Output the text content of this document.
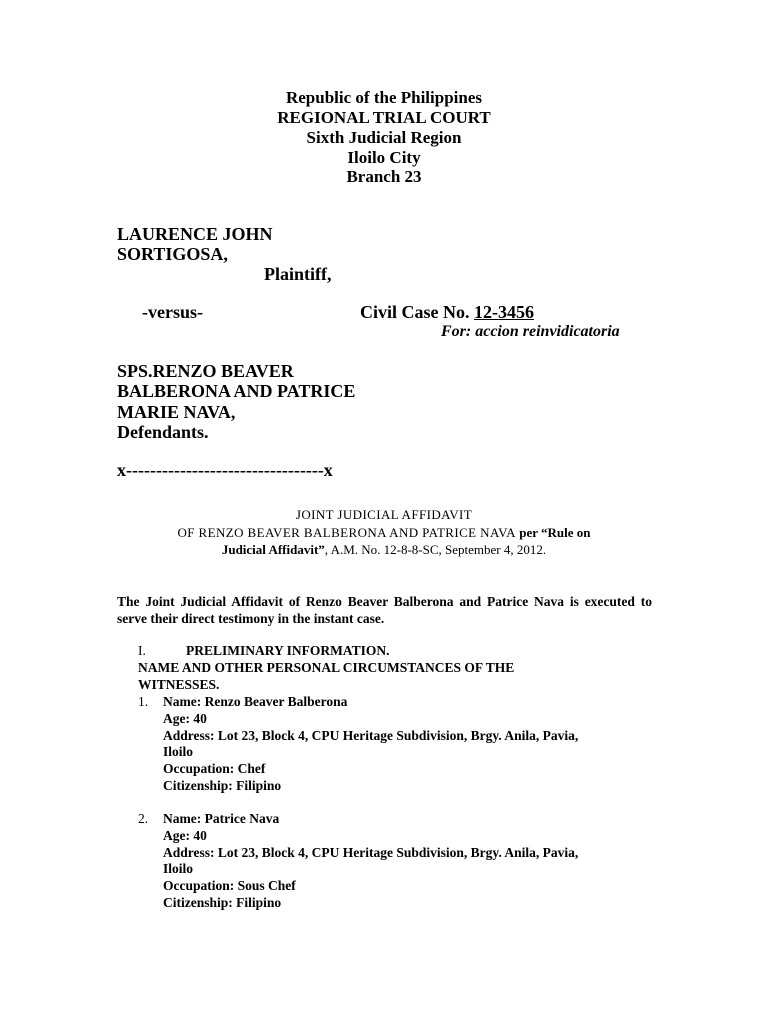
Republic of the Philippines
REGIONAL TRIAL COURT
Sixth Judicial Region
Iloilo City
Branch 23
LAURENCE JOHN
SORTIGOSA,
Plaintiff,
-versus-	Civil Case No. 12-3456
For: accion reinvidicatoria
SPS.RENZO BEAVER
BALBERONA AND PATRICE
MARIE NAVA,
Defendants.
x---------------------------------x
JOINT JUDICIAL AFFIDAVIT
OF RENZO BEAVER BALBERONA AND PATRICE NAVA per “Rule on
Judicial Affidavit”, A.M. No. 12-8-8-SC, September 4, 2012.
The Joint Judicial Affidavit of Renzo Beaver Balberona and Patrice Nava is executed to serve their direct testimony in the instant case.
I.	PRELIMINARY INFORMATION.
NAME AND OTHER PERSONAL CIRCUMSTANCES OF THE
WITNESSES.
1. Name: Renzo Beaver Balberona
Age: 40
Address: Lot 23, Block 4, CPU Heritage Subdivision, Brgy. Anila, Pavia,
Iloilo
Occupation: Chef
Citizenship: Filipino
2. Name: Patrice Nava
Age: 40
Address: Lot 23, Block 4, CPU Heritage Subdivision, Brgy. Anila, Pavia,
Iloilo
Occupation: Sous Chef
Citizenship: Filipino
